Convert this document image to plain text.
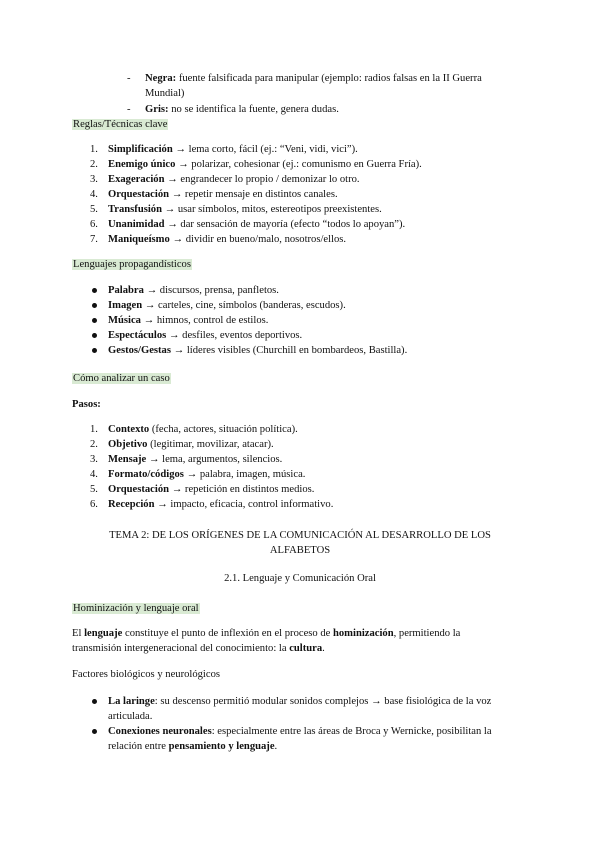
- Negra: fuente falsificada para manipular (ejemplo: radios falsas en la II Guerra
Mundial)
- Gris: no se identifica la fuente, genera dudas.
Reglas/Técnicas clave
1. Simplificación → lema corto, fácil (ej.: “Veni, vidi, vici”).
2. Enemigo único → polarizar, cohesionar (ej.: comunismo en Guerra Fría).
3. Exageración → engrandecer lo propio / demonizar lo otro.
4. Orquestación → repetir mensaje en distintos canales.
5. Transfusión → usar símbolos, mitos, estereotipos preexistentes.
6. Unanimidad → dar sensación de mayoría (efecto “todos lo apoyan”).
7. Maniqueísmo → dividir en bueno/malo, nosotros/ellos.
Lenguajes propagandísticos
Palabra → discursos, prensa, panfletos.
Imagen → carteles, cine, símbolos (banderas, escudos).
Música → himnos, control de estilos.
Espectáculos → desfiles, eventos deportivos.
Gestos/Gestas → líderes visibles (Churchill en bombardeos, Bastilla).
Cómo analizar un caso
Pasos:
1. Contexto (fecha, actores, situación política).
2. Objetivo (legitimar, movilizar, atacar).
3. Mensaje → lema, argumentos, silencios.
4. Formato/códigos → palabra, imagen, música.
5. Orquestación → repetición en distintos medios.
6. Recepción → impacto, eficacia, control informativo.
TEMA 2: DE LOS ORÍGENES DE LA COMUNICACIÓN AL DESARROLLO DE LOS
ALFABETOS
2.1. Lenguaje y Comunicación Oral
Hominización y lenguaje oral
El lenguaje constituye el punto de inflexión en el proceso de hominización, permitiendo la
transmisión intergeneracional del conocimiento: la cultura.
Factores biológicos y neurológicos
La laringe: su descenso permitió modular sonidos complejos → base fisiológica de la voz
articulada.
Conexiones neuronales: especialmente entre las áreas de Broca y Wernicke, posibilitan la
relación entre pensamiento y lenguaje.
